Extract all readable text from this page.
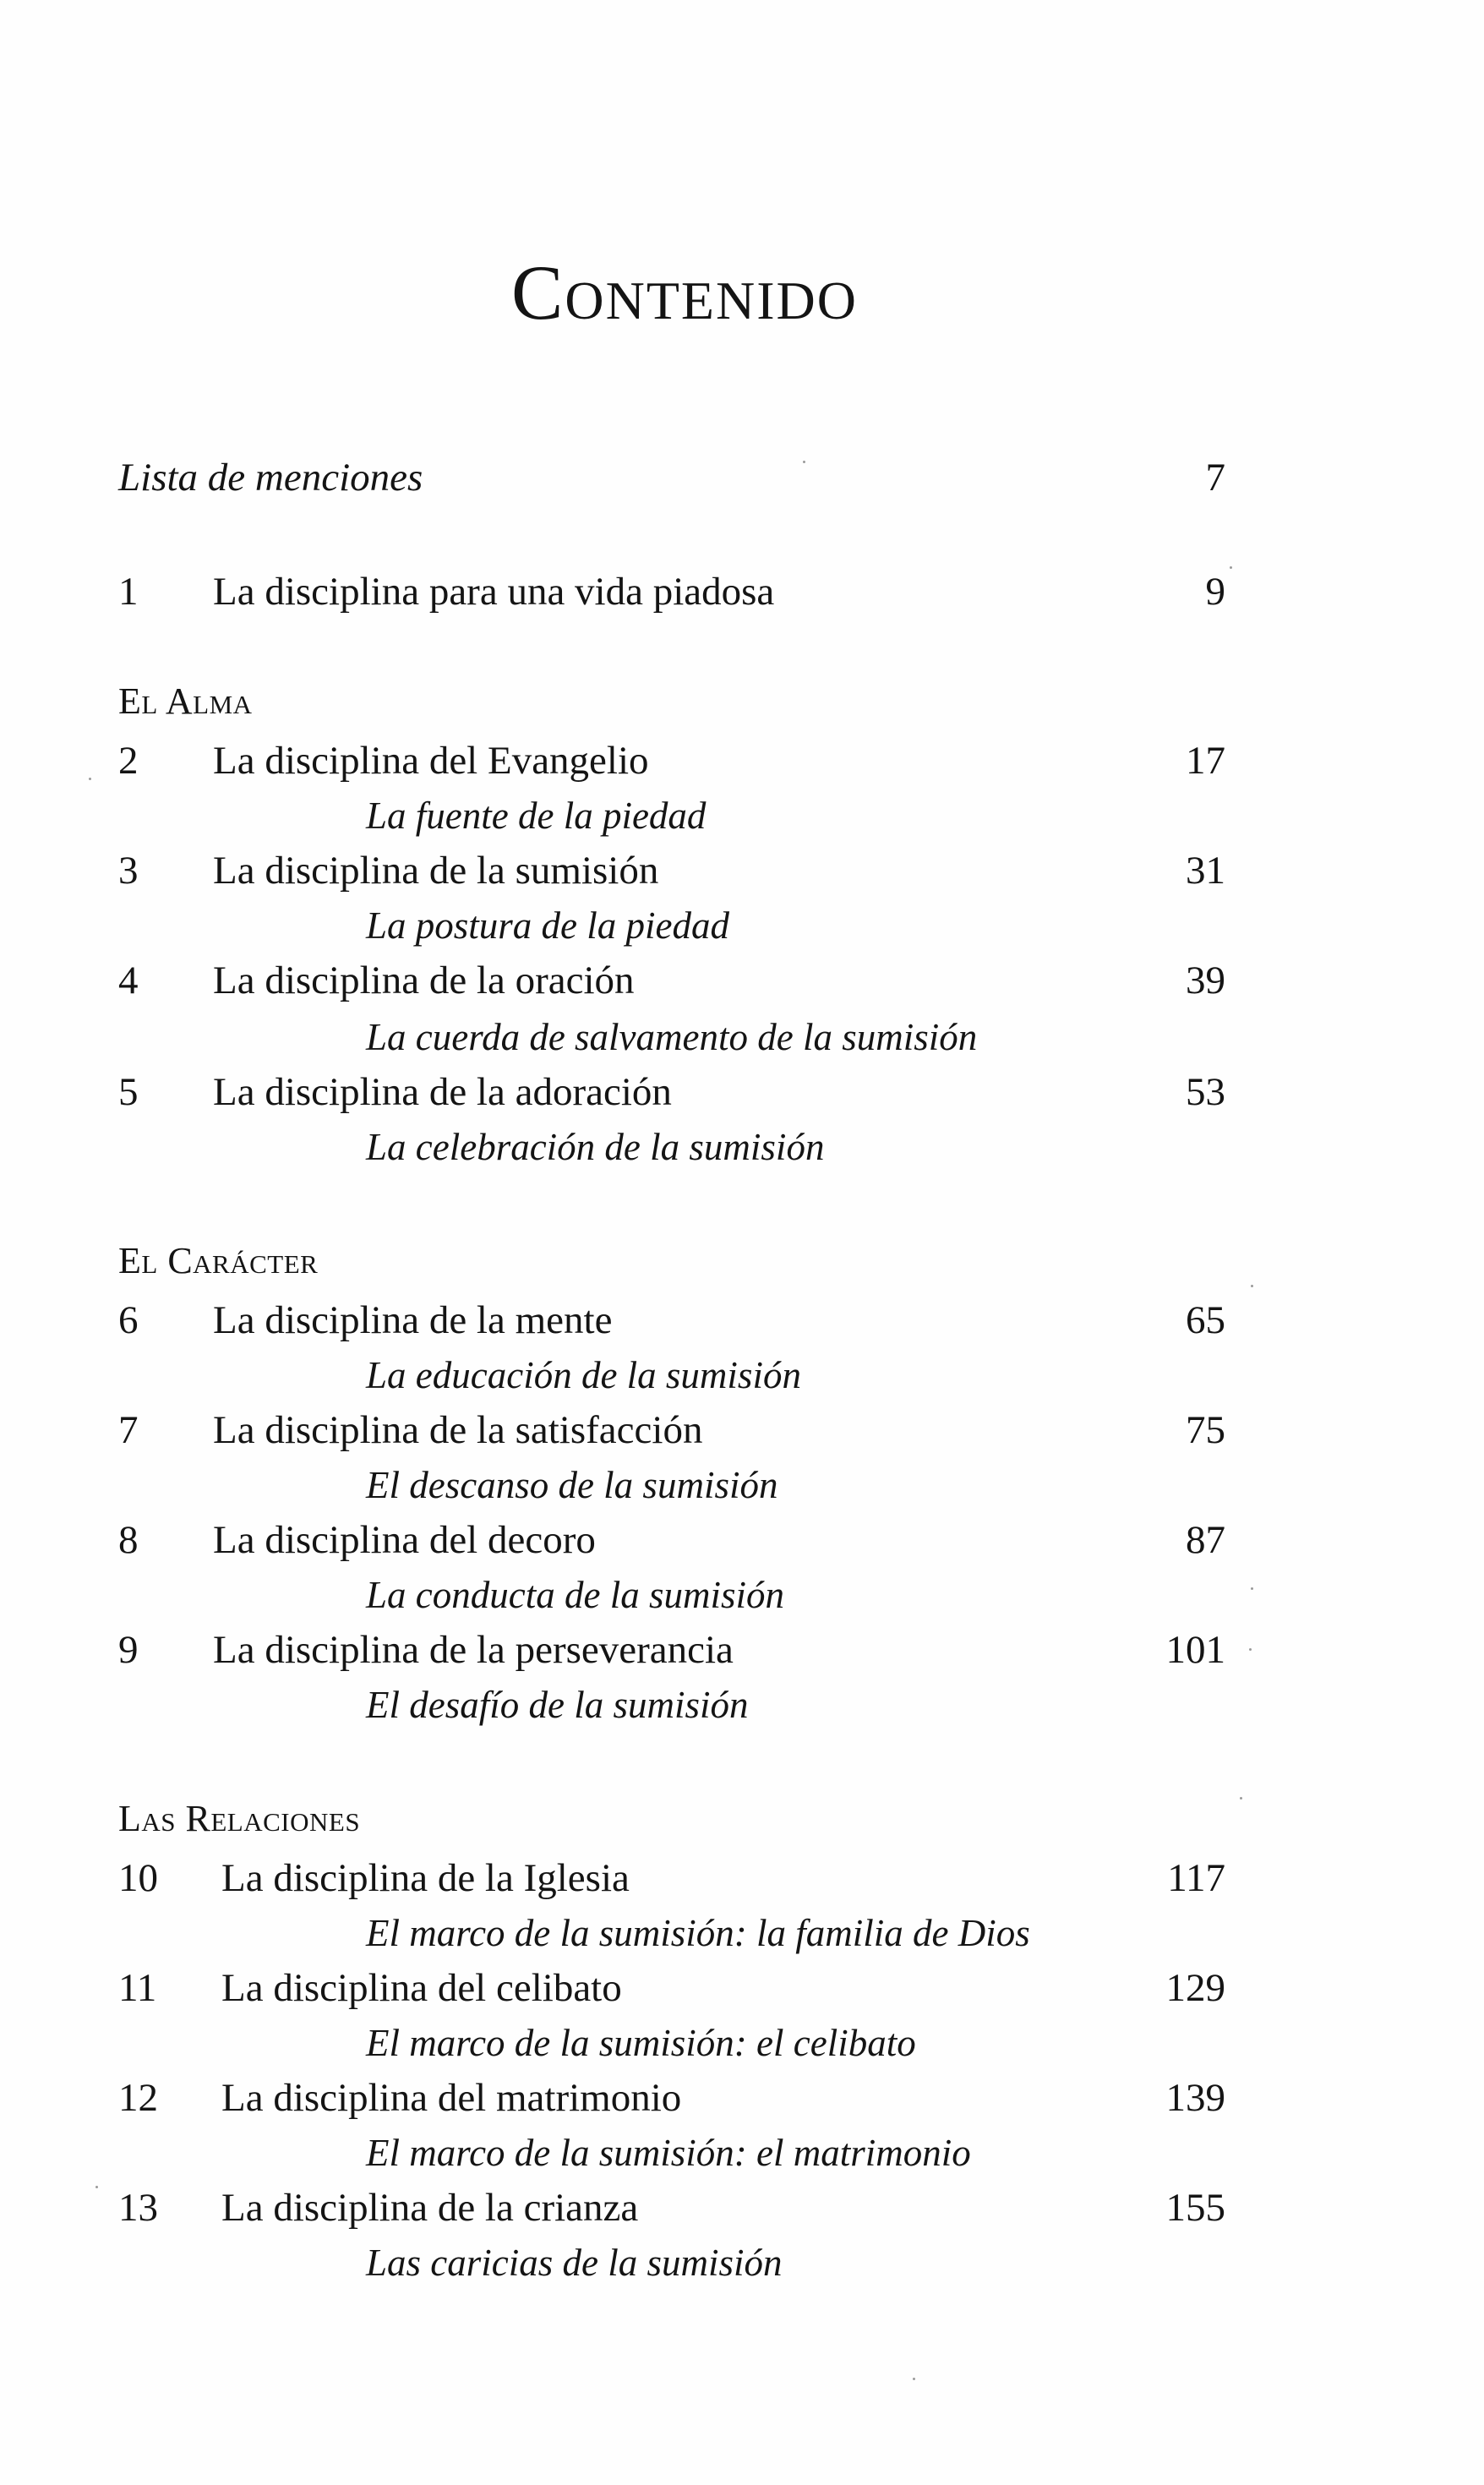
Contenido
Lista de menciones	7
1 La disciplina para una vida piadosa	9
El Alma
2 La disciplina del Evangelio	17
La fuente de la piedad
3 La disciplina de la sumisión	31
La postura de la piedad
4 La disciplina de la oración	39
La cuerda de salvamento de la sumisión
5 La disciplina de la adoración	53
La celebración de la sumisión
El Carácter
6 La disciplina de la mente	65
La educación de la sumisión
7 La disciplina de la satisfacción	75
El descanso de la sumisión
8 La disciplina del decoro	87
La conducta de la sumisión
9 La disciplina de la perseverancia	101
El desafío de la sumisión
Las Relaciones
10 La disciplina de la Iglesia	117
El marco de la sumisión: la familia de Dios
11 La disciplina del celibato	129
El marco de la sumisión: el celibato
12 La disciplina del matrimonio	139
El marco de la sumisión: el matrimonio
13 La disciplina de la crianza	155
Las caricias de la sumisión
